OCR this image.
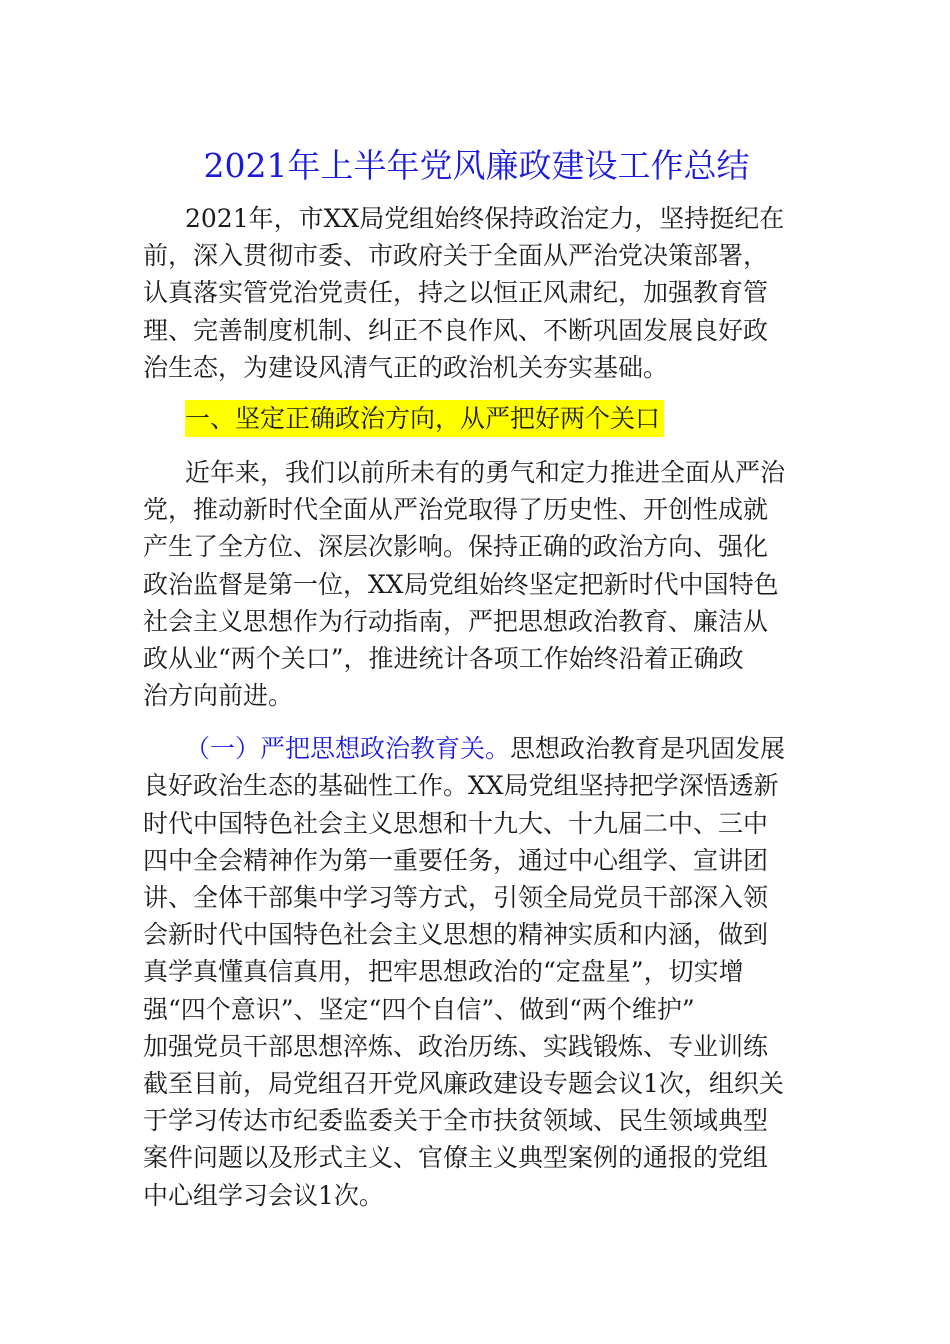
2021年上半年党风廉政建设工作总结
2021年，市XX局党组始终保持政治定力，坚持挺纪在
前，深入贯彻市委、市政府关于全面从严治党决策部署，
认真落实管党治党责任，持之以恒正风肃纪，加强教育管
理、完善制度机制、纠正不良作风、不断巩固发展良好政
治生态，为建设风清气正的政治机关夯实基础。
一、坚定正确政治方向，从严把好两个关口
近年来，我们以前所未有的勇气和定力推进全面从严治
党，推动新时代全面从严治党取得了历史性、开创性成就
产生了全方位、深层次影响。保持正确的政治方向、强化
政治监督是第一位，XX局党组始终坚定把新时代中国特色
社会主义思想作为行动指南，严把思想政治教育、廉洁从
政从业“两个关口”，推进统计各项工作始终沿着正确政
治方向前进。
（一）严把思想政治教育关。思想政治教育是巩固发展
良好政治生态的基础性工作。XX局党组坚持把学深悟透新
时代中国特色社会主义思想和十九大、十九届二中、三中
四中全会精神作为第一重要任务，通过中心组学、宣讲团
讲、全体干部集中学习等方式，引领全局党员干部深入领
会新时代中国特色社会主义思想的精神实质和内涵，做到
真学真懂真信真用，把牢思想政治的“定盘星”，切实增
强“四个意识”、坚定“四个自信”、做到“两个维护”
加强党员干部思想淬炼、政治历练、实践锻炼、专业训练
截至目前，局党组召开党风廉政建设专题会议1次，组织关
于学习传达市纪委监委关于全市扶贫领域、民生领域典型
案件问题以及形式主义、官僚主义典型案例的通报的党组
中心组学习会议1次。
